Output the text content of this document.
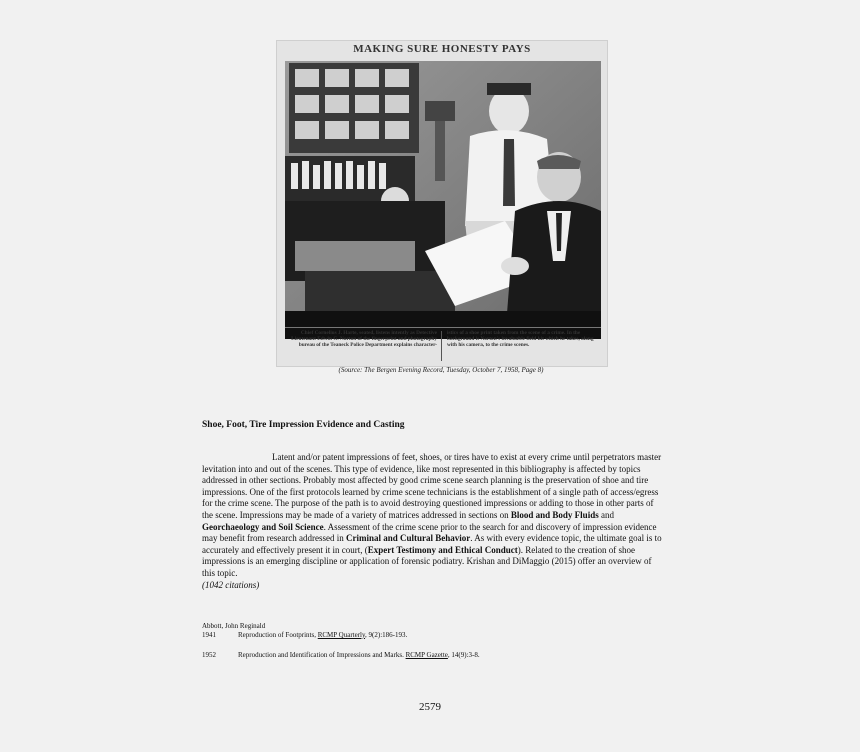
MAKING SURE HONESTY PAYS
Chief Cornelius J. Harte, seated, listens intently as Detective Lieutenant Edwin G. Norton of the fingerprint and photography bureau of the Teaneck Police Department explains character-
istics of a shoe print taken from the scene of a crime. In the background is Norton's invaluable field kit which he takes, along with his camera, to the crime scenes.
(Source: The Bergen Evening Record, Tuesday, October 7, 1958, Page 8)
Shoe, Foot, Tire Impression Evidence and Casting

Latent and/or patent impressions of feet, shoes, or tires have to exist at every crime until perpetrators master levitation into and out of the scenes. This type of evidence, like most represented in this bibliography is affected by topics addressed in other sections. Probably most affected by good crime scene search planning is the preservation of shoe and tire impressions. One of the first protocols learned by crime scene technicians is the establishment of a single path of access/egress for the crime scene. The purpose of the path is to avoid destroying questioned impressions or adding to those in other parts of the scene. Impressions may be made of a variety of matrices addressed in sections on Blood and Body Fluids and Georchaeology and Soil Science. Assessment of the crime scene prior to the search for and discovery of impression evidence may benefit from research addressed in Criminal and Cultural Behavior. As with every evidence topic, the ultimate goal is to accurately and effectively present it in court, (Expert Testimony and Ethical Conduct). Related to the creation of shoe impressions is an emerging discipline or application of forensic podiatry. Krishan and DiMaggio (2015) offer an overview of this topic.

(1042 citations)
Abbott, John Reginald
1941	Reproduction of Footprints, RCMP Quarterly, 9(2):186-193.
1952	Reproduction and Identification of Impressions and Marks. RCMP Gazette, 14(9):3-8.
2579
